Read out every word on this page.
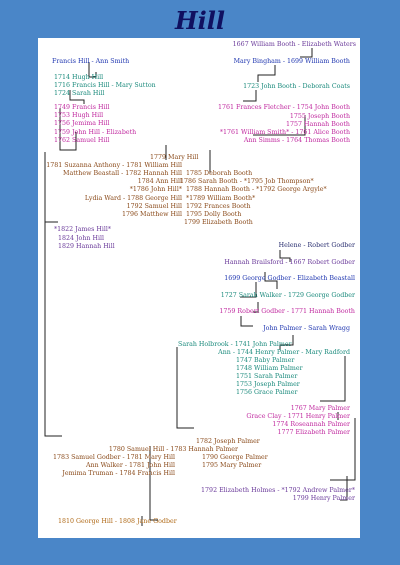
Hill
Francis Hill - Ann Smith
1714 Hugh Hill
1716 Francis Hill - Mary Sutton
1724 Sarah Hill
1749 Francis Hill
1753 Hugh Hill
1756 Jemima Hill
1759 John Hill - Elizabeth
1762 Samuel Hill
1779 Mary Hill
1781 Suzanna Anthony - 1781 William Hill
Matthew Beastall - 1782 Hannah Hill
1784 Ann Hill
*1786 John Hill*
Lydia Ward - 1788 George Hill
1792 Samuel Hill
1796 Matthew Hill
*1822 James Hill*
1824 John Hill
1829 Hannah Hill
1667 William Booth - Elizabeth Waters
Mary Bingham - 1699 William Booth
1723 John Booth - Deborah Coats
1761 Frances Fletcher - 1754 John Booth
1755 Joseph Booth
1757 Hannah Booth
*1761 William Smith* - 1761 Alice Booth
Ann Simms - 1764 Thomas Booth
1785 Deborah Booth
1786 Sarah Booth - *1795 Job Thompson*
1788 Hannah Booth - *1792 George Argyle*
*1789 William Booth*
1792 Frances Booth
1795 Dolly Booth
1799 Elizabeth Booth
Helene - Robert Godber
Hannah Brailsford - 1667 Robert Godber
1699 George Godber - Elizabeth Beastall
1727 Sarah Walker - 1729 George Godber
1759 Robert Godber - 1771 Hannah Booth
John Palmer - Sarah Wragg
Sarah Holbrook - 1741 John Palmer
Ann - 1744 Henry Palmer - Mary Radford
1747 Baby Palmer
1748 William Palmer
1751 Sarah Palmer
1753 Joseph Palmer
1756 Grace Palmer
1767 Mary Palmer
Grace Clay - 1771 Henry Palmer
1774 Roseannah Palmer
1777 Elizabeth Palmer
1782 Joseph Palmer
1780 Samuel Hill - 1783 Hannah Palmer
1783 Samuel Godber - 1781 Mary Hill	1790 George Palmer
Ann Walker - 1781 John Hill	1795 Mary Palmer
Jemima Truman - 1784 Francis Hill
1792 Elizabeth Holmes - *1792 Andrew Palmer*
1799 Henry Palmer
1810 George Hill - 1808 Jane Godber
